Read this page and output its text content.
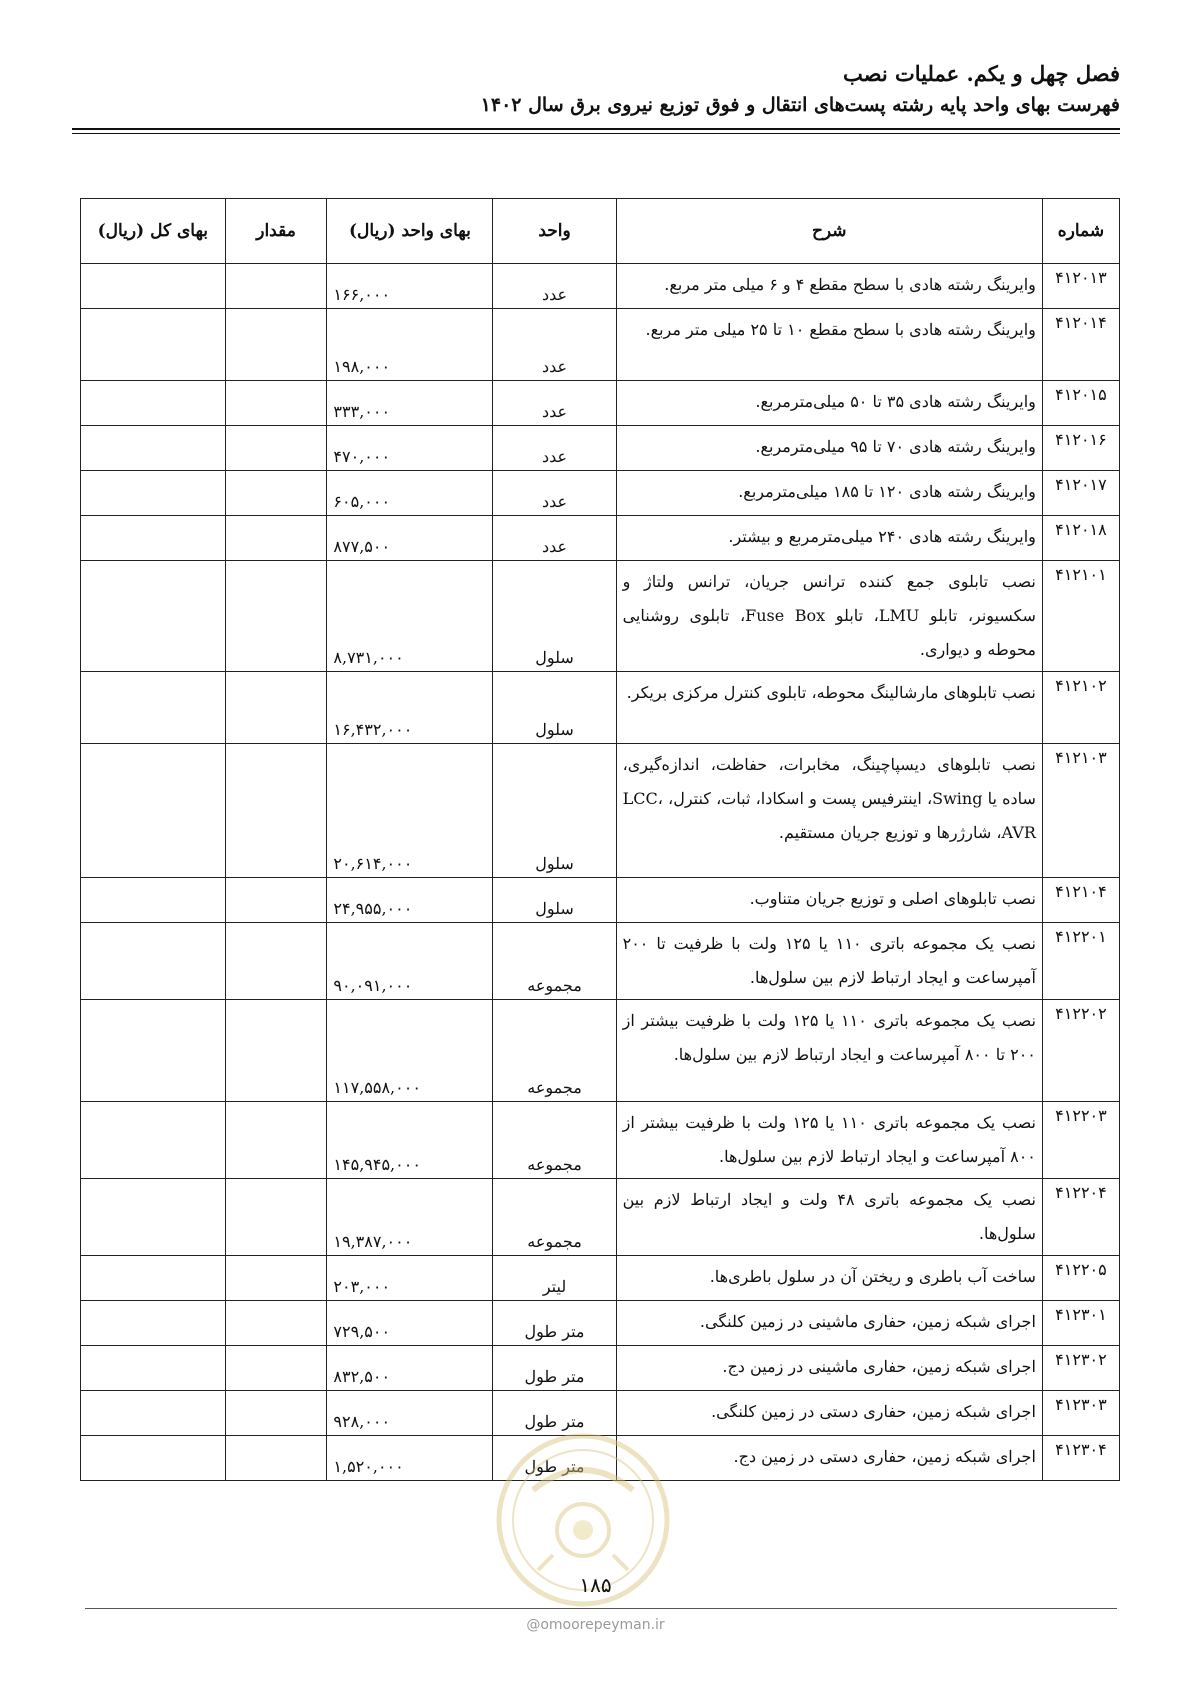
فصل چهل و یکم. عملیات نصب

فهرست بهای واحد پایه رشته پست‌های انتقال و فوق توزیع نیروی برق سال ۱۴۰۲

شماره	شرح	واحد	بهای واحد (ریال)	مقدار	بهای کل (ریال)
۴۱۲۰۱۳	وایرینگ رشته هادی با سطح مقطع ۴ و ۶ میلی متر مربع.	عدد	۱۶۶,۰۰۰		
۴۱۲۰۱۴	وایرینگ رشته هادی با سطح مقطع ۱۰ تا ۲۵ میلی متر مربع.	عدد	۱۹۸,۰۰۰		
۴۱۲۰۱۵	وایرینگ رشته هادی ۳۵ تا ۵۰ میلی‌مترمربع.	عدد	۳۳۳,۰۰۰		
۴۱۲۰۱۶	وایرینگ رشته هادی ۷۰ تا ۹۵ میلی‌مترمربع.	عدد	۴۷۰,۰۰۰		
۴۱۲۰۱۷	وایرینگ رشته هادی ۱۲۰ تا ۱۸۵ میلی‌مترمربع.	عدد	۶۰۵,۰۰۰		
۴۱۲۰۱۸	وایرینگ رشته هادی ۲۴۰ میلی‌مترمربع و بیشتر.	عدد	۸۷۷,۵۰۰		
۴۱۲۱۰۱	نصب تابلوی جمع کننده ترانس جریان، ترانس ولتاژ و سکسیونر، تابلو LMU، تابلو Fuse Box، تابلوی روشنایی محوطه و دیواری.	سلول	۸,۷۳۱,۰۰۰		
۴۱۲۱۰۲	نصب تابلوهای مارشالینگ محوطه، تابلوی کنترل مرکزی بریکر.	سلول	۱۶,۴۳۲,۰۰۰		
۴۱۲۱۰۳	نصب تابلوهای دیسپاچینگ، مخابرات، حفاظت، اندازه‌گیری، ساده یا Swing، اینترفیس پست و اسکادا، ثبات، کنترل، LCC، AVR، شارژرها و توزیع جریان مستقیم.	سلول	۲۰,۶۱۴,۰۰۰		
۴۱۲۱۰۴	نصب تابلوهای اصلی و توزیع جریان متناوب.	سلول	۲۴,۹۵۵,۰۰۰		
۴۱۲۲۰۱	نصب یک مجموعه باتری ۱۱۰ یا ۱۲۵ ولت با ظرفیت تا ۲۰۰ آمپرساعت و ایجاد ارتباط لازم بین سلول‌ها.	مجموعه	۹۰,۰۹۱,۰۰۰		
۴۱۲۲۰۲	نصب یک مجموعه باتری ۱۱۰ یا ۱۲۵ ولت با ظرفیت بیشتر از ۲۰۰ تا ۸۰۰ آمپرساعت و ایجاد ارتباط لازم بین سلول‌ها.	مجموعه	۱۱۷,۵۵۸,۰۰۰		
۴۱۲۲۰۳	نصب یک مجموعه باتری ۱۱۰ یا ۱۲۵ ولت با ظرفیت بیشتر از ۸۰۰ آمپرساعت و ایجاد ارتباط لازم بین سلول‌ها.	مجموعه	۱۴۵,۹۴۵,۰۰۰		
۴۱۲۲۰۴	نصب یک مجموعه باتری ۴۸ ولت و ایجاد ارتباط لازم بین سلول‌ها.	مجموعه	۱۹,۳۸۷,۰۰۰		
۴۱۲۲۰۵	ساخت آب باطری و ریختن آن در سلول باطری‌ها.	لیتر	۲۰۳,۰۰۰		
۴۱۲۳۰۱	اجرای شبکه زمین، حفاری ماشینی در زمین کلنگی.	متر طول	۷۲۹,۵۰۰		
۴۱۲۳۰۲	اجرای شبکه زمین، حفاری ماشینی در زمین دج.	متر طول	۸۳۲,۵۰۰		
۴۱۲۳۰۳	اجرای شبکه زمین، حفاری دستی در زمین کلنگی.	متر طول	۹۲۸,۰۰۰		
۴۱۲۳۰۴	اجرای شبکه زمین، حفاری دستی در زمین دج.	متر طول	۱,۵۲۰,۰۰۰		
۱۸۵
@omoorepeyman.ir
